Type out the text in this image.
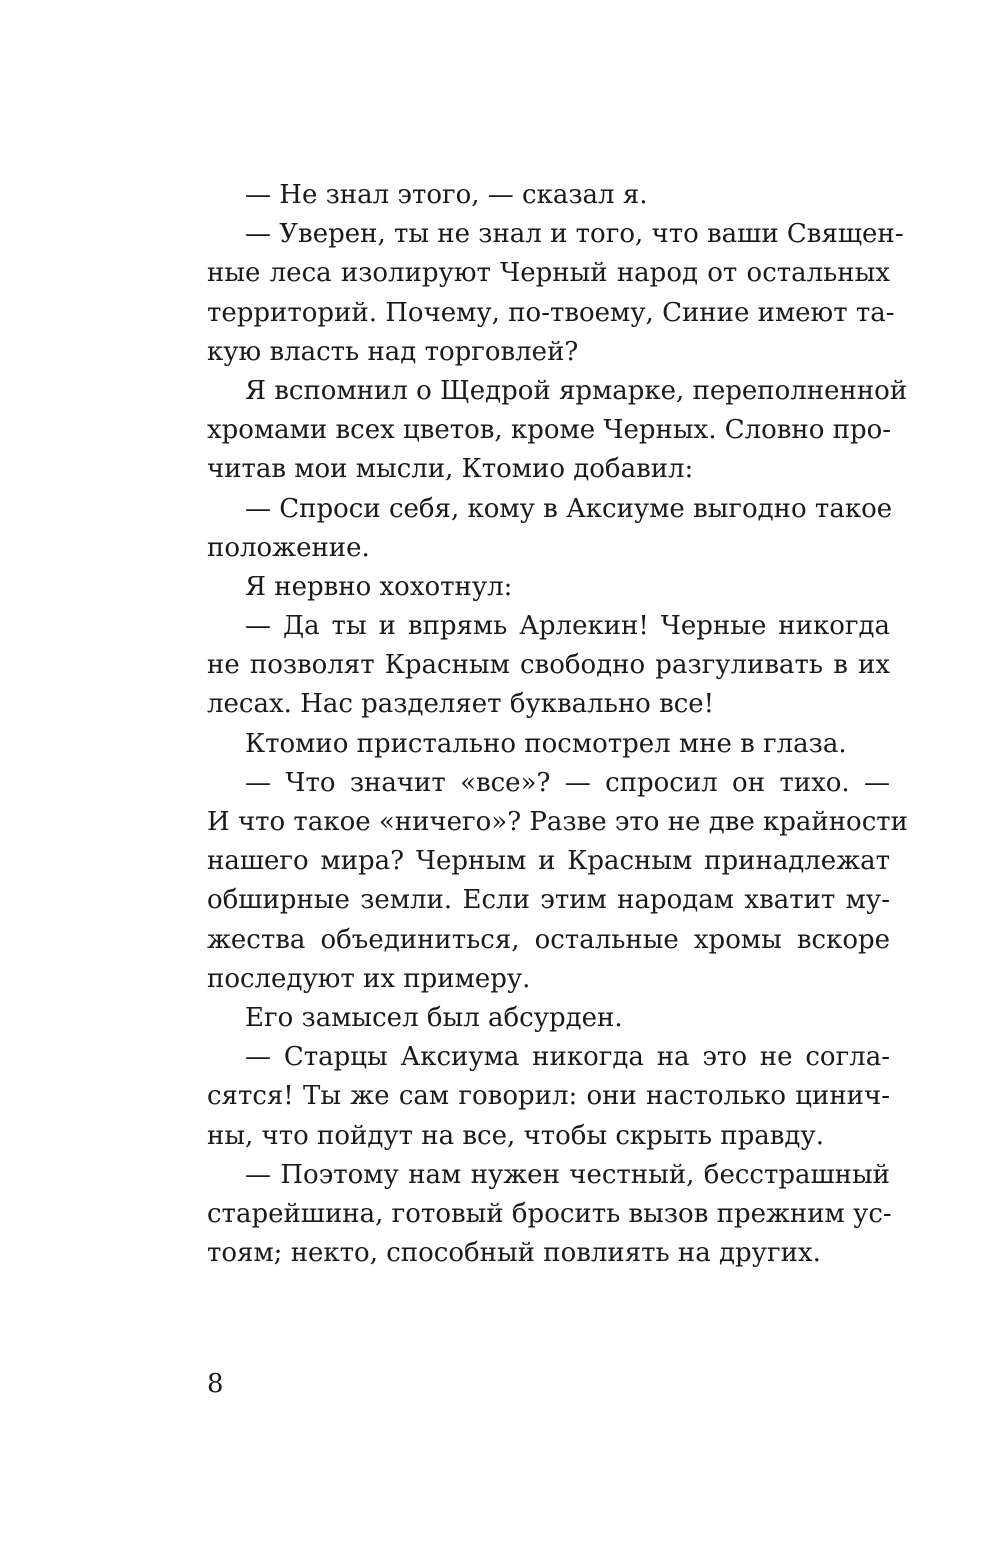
— Не знал этого, — сказал я.
— Уверен, ты не знал и того, что ваши Священ-
ные леса изолируют Черный народ от остальных
территорий. Почему, по-твоему, Синие имеют та-
кую власть над торговлей?
Я вспомнил о Щедрой ярмарке, переполненной
хромами всех цветов, кроме Черных. Словно про-
читав мои мысли, Ктомио добавил:
— Спроси себя, кому в Аксиуме выгодно такое
положение.
Я нервно хохотнул:
— Да ты и впрямь Арлекин! Черные никогда
не позволят Красным свободно разгуливать в их
лесах. Нас разделяет буквально все!
Ктомио пристально посмотрел мне в глаза.
— Что значит «все»? — спросил он тихо. —
И что такое «ничего»? Разве это не две крайности
нашего мира? Черным и Красным принадлежат
обширные земли. Если этим народам хватит му-
жества объединиться, остальные хромы вскоре
последуют их примеру.
Его замысел был абсурден.
— Старцы Аксиума никогда на это не согла-
сятся! Ты же сам говорил: они настолько цинич-
ны, что пойдут на все, чтобы скрыть правду.
— Поэтому нам нужен честный, бесстрашный
старейшина, готовый бросить вызов прежним ус-
тоям; некто, способный повлиять на других.
8
